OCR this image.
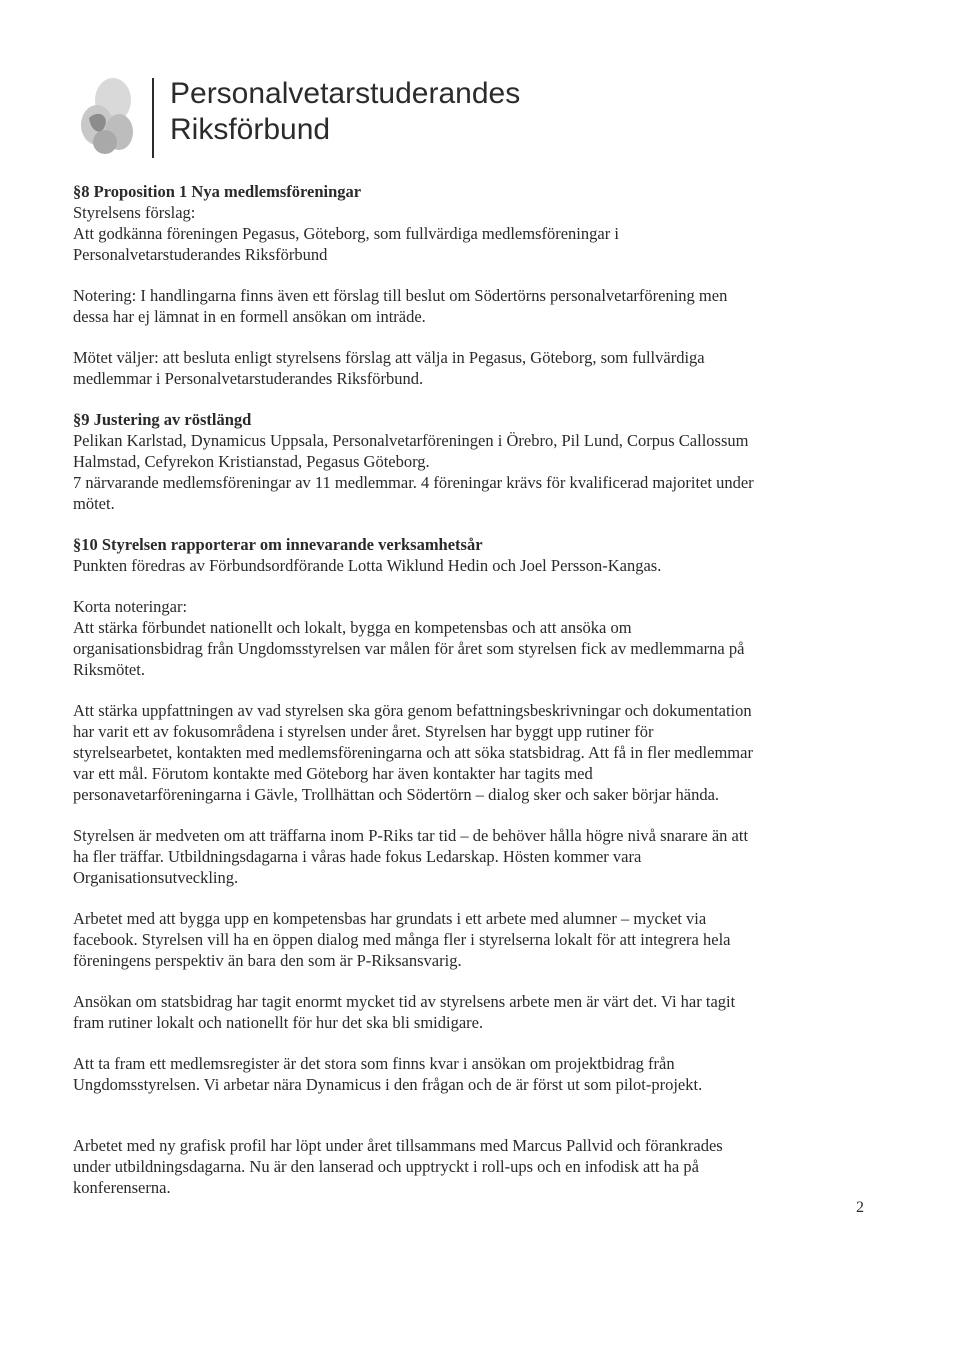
Personalvetarstuderandes
Riksförbund

§8 Proposition 1 Nya medlemsföreningar

Styrelsens förslag:

Att godkänna föreningen Pegasus, Göteborg, som fullvärdiga medlemsföreningar i

Personalvetarstuderandes Riksförbund

Notering: I handlingarna finns även ett förslag till beslut om Södertörns personalvetarförening men

dessa har ej lämnat in en formell ansökan om inträde.

Mötet väljer: att besluta enligt styrelsens förslag att välja in Pegasus, Göteborg, som fullvärdiga

medlemmar i Personalvetarstuderandes Riksförbund.

§9 Justering av röstlängd

Pelikan Karlstad, Dynamicus Uppsala, Personalvetarföreningen i Örebro, Pil Lund, Corpus Callossum

Halmstad, Cefyrekon Kristianstad, Pegasus Göteborg.

7 närvarande medlemsföreningar av 11 medlemmar. 4 föreningar krävs för kvalificerad majoritet under

mötet.

§10 Styrelsen rapporterar om innevarande verksamhetsår

Punkten föredras av Förbundsordförande Lotta Wiklund Hedin och Joel Persson-Kangas.

Korta noteringar:

Att stärka förbundet nationellt och lokalt, bygga en kompetensbas och att ansöka om

organisationsbidrag från Ungdomsstyrelsen var målen för året som styrelsen fick av medlemmarna på

Riksmötet.

Att stärka uppfattningen av vad styrelsen ska göra genom befattningsbeskrivningar och dokumentation

har varit ett av fokusområdena i styrelsen under året. Styrelsen har byggt upp rutiner för

styrelsearbetet, kontakten med medlemsföreningarna och att söka statsbidrag. Att få in fler medlemmar

var ett mål. Förutom kontakte med Göteborg har även kontakter har tagits med

personavetarföreningarna i Gävle, Trollhättan och Södertörn – dialog sker och saker börjar hända.

Styrelsen är medveten om att träffarna inom P-Riks tar tid – de behöver hålla högre nivå snarare än att

ha fler träffar. Utbildningsdagarna i våras hade fokus Ledarskap. Hösten kommer vara

Organisationsutveckling.

Arbetet med att bygga upp en kompetensbas har grundats i ett arbete med alumner – mycket via

facebook. Styrelsen vill ha en öppen dialog med många fler i styrelserna lokalt för att integrera hela

föreningens perspektiv än bara den som är P-Riksansvarig.

Ansökan om statsbidrag har tagit enormt mycket tid av styrelsens arbete men är värt det. Vi har tagit

fram rutiner lokalt och nationellt för hur det ska bli smidigare.

Att ta fram ett medlemsregister är det stora som finns kvar i ansökan om projektbidrag från

Ungdomsstyrelsen. Vi arbetar nära Dynamicus i den frågan och de är först ut som pilot-projekt.

Arbetet med ny grafisk profil har löpt under året tillsammans med Marcus Pallvid och förankrades

under utbildningsdagarna. Nu är den lanserad och upptryckt i roll-ups och en infodisk att ha på

konferenserna.

2
